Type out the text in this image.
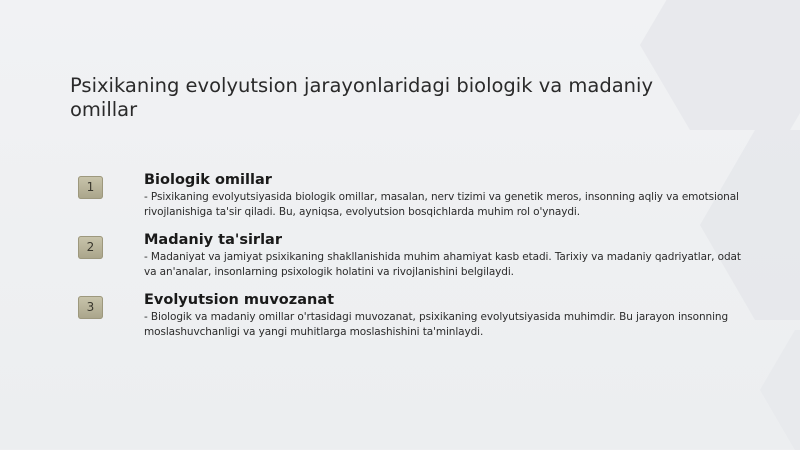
Psixikaning evolyutsion jarayonlaridagi biologik va madaniy omillar
1	Biologik omillar

- Psixikaning evolyutsiyasida biologik omillar, masalan, nerv tizimi va genetik meros, insonning aqliy va emotsional rivojlanishiga ta'sir qiladi. Bu, ayniqsa, evolyutsion bosqichlarda muhim rol o'ynaydi.

2	Madaniy ta'sirlar

- Madaniyat va jamiyat psixikaning shakllanishida muhim ahamiyat kasb etadi. Tarixiy va madaniy qadriyatlar, odat va an'analar, insonlarning psixologik holatini va rivojlanishini belgilaydi.

3	Evolyutsion muvozanat

- Biologik va madaniy omillar o'rtasidagi muvozanat, psixikaning evolyutsiyasida muhimdir. Bu jarayon insonning moslashuvchanligi va yangi muhitlarga moslashishini ta'minlaydi.
